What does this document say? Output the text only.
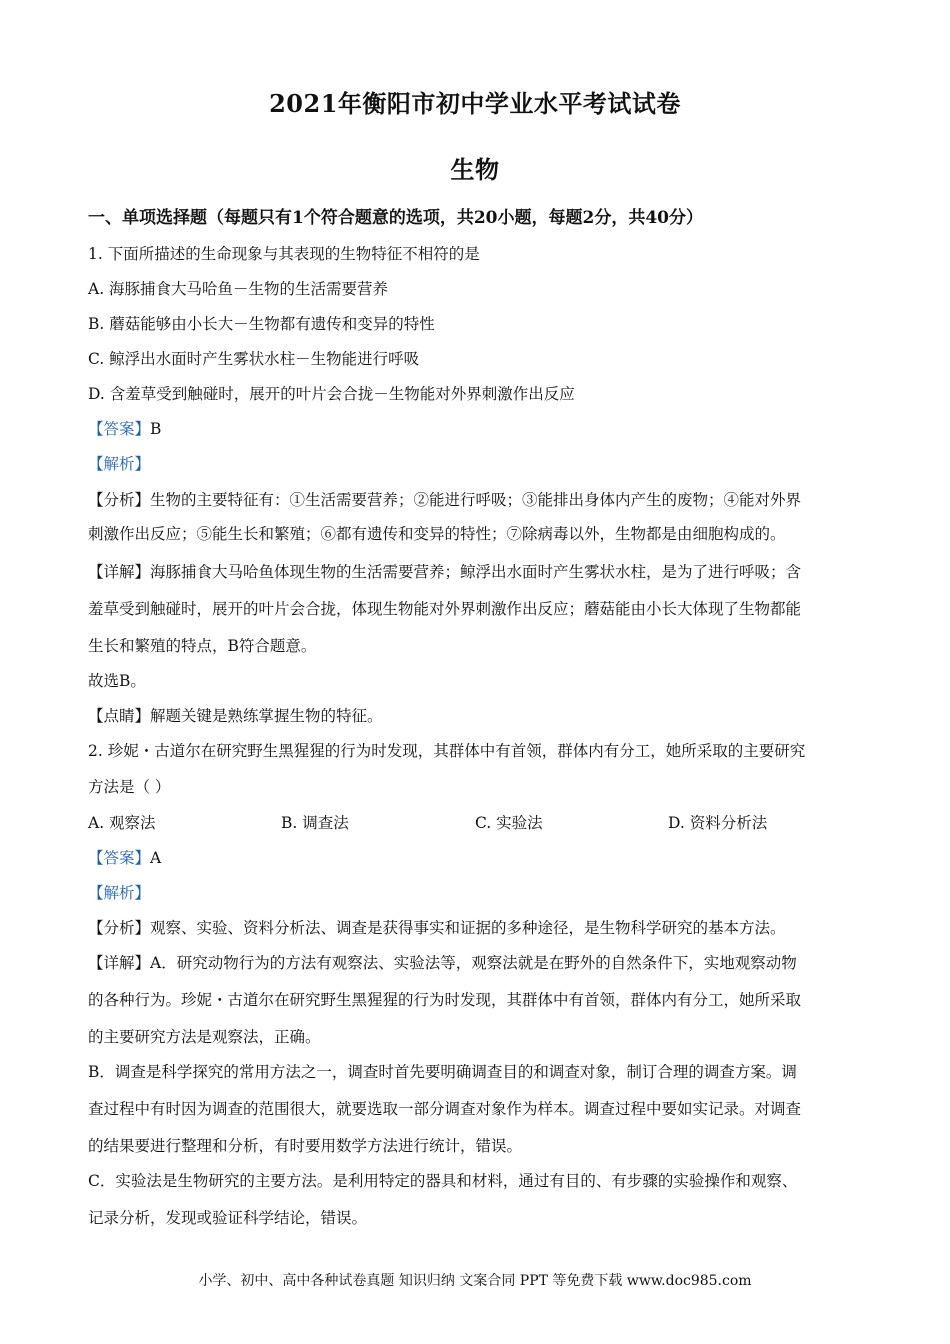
2021年衡阳市初中学业水平考试试卷
生物
一、单项选择题（每题只有1个符合题意的选项，共20小题，每题2分，共40分）
1. 下面所描述的生命现象与其表现的生物特征不相符的是
A. 海豚捕食大马哈鱼－生物的生活需要营养
B. 蘑菇能够由小长大－生物都有遗传和变异的特性
C. 鲸浮出水面时产生雾状水柱－生物能进行呼吸
D. 含羞草受到触碰时，展开的叶片会合拢－生物能对外界刺激作出反应
【答案】B
【解析】
【分析】生物的主要特征有：①生活需要营养；②能进行呼吸；③能排出身体内产生的废物；④能对外界
刺激作出反应；⑤能生长和繁殖；⑥都有遗传和变异的特性；⑦除病毒以外，生物都是由细胞构成的。
【详解】海豚捕食大马哈鱼体现生物的生活需要营养；鲸浮出水面时产生雾状水柱，是为了进行呼吸；含
羞草受到触碰时，展开的叶片会合拢，体现生物能对外界刺激作出反应；蘑菇能由小长大体现了生物都能
生长和繁殖的特点，B符合题意。
故选B。
【点睛】解题关键是熟练掌握生物的特征。
2. 珍妮・古道尔在研究野生黑猩猩的行为时发现，其群体中有首领，群体内有分工，她所采取的主要研究
方法是（ ）
A. 观察法	B. 调查法	C. 实验法	D. 资料分析法
【答案】A
【解析】
【分析】观察、实验、资料分析法、调查是获得事实和证据的多种途径，是生物科学研究的基本方法。
【详解】A．研究动物行为的方法有观察法、实验法等，观察法就是在野外的自然条件下，实地观察动物
的各种行为。珍妮・古道尔在研究野生黑猩猩的行为时发现，其群体中有首领，群体内有分工，她所采取
的主要研究方法是观察法，正确。
B．调查是科学探究的常用方法之一，调查时首先要明确调查目的和调查对象，制订合理的调查方案。调
查过程中有时因为调查的范围很大，就要选取一部分调查对象作为样本。调查过程中要如实记录。对调查
的结果要进行整理和分析，有时要用数学方法进行统计，错误。
C．实验法是生物研究的主要方法。是利用特定的器具和材料，通过有目的、有步骤的实验操作和观察、
记录分析，发现或验证科学结论，错误。
小学、初中、高中各种试卷真题 知识归纳 文案合同 PPT 等免费下载 www.doc985.com
